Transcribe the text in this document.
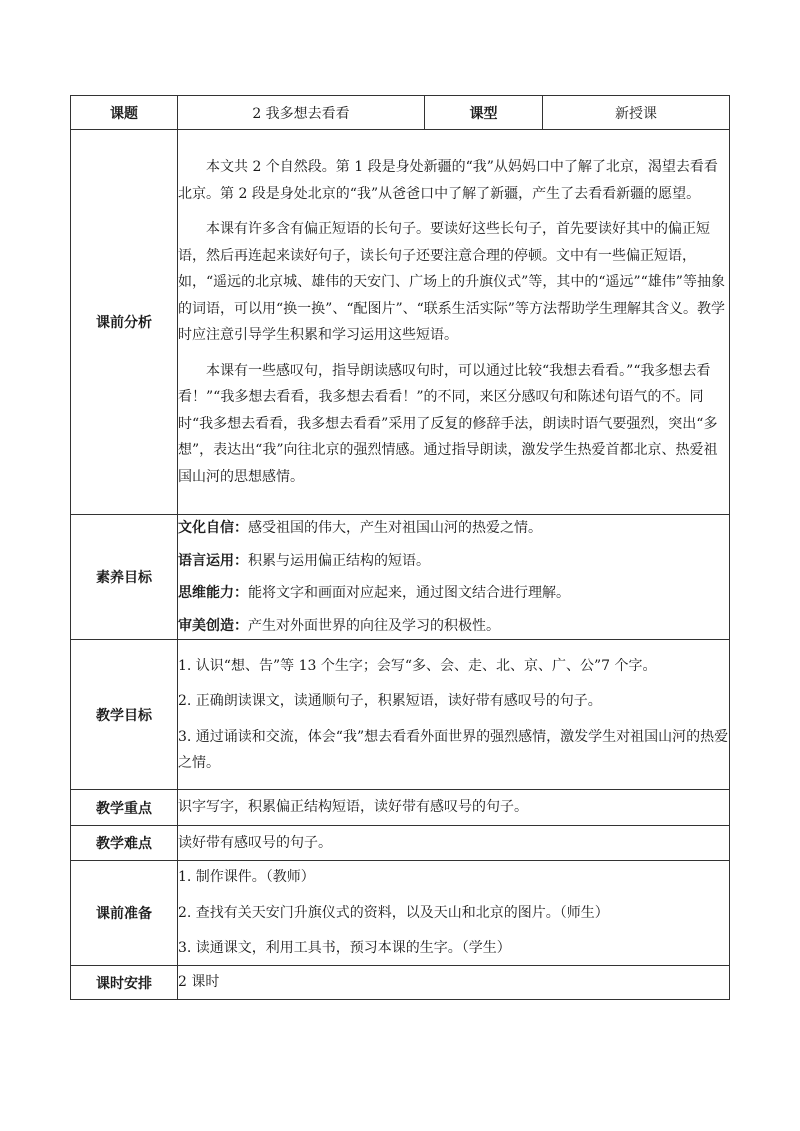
课题	2 我多想去看看	课型	新授课
课前分析	本文共 2 个自然段。第 1 段是身处新疆的“我”从妈妈口中了解了北京，渴望去看看北京。第 2 段是身处北京的“我”从爸爸口中了解了新疆，产生了去看看新疆的愿望。

本课有许多含有偏正短语的长句子。要读好这些长句子，首先要读好其中的偏正短语，然后再连起来读好句子，读长句子还要注意合理的停顿。文中有一些偏正短语，如，“遥远的北京城、雄伟的天安门、广场上的升旗仪式”等，其中的“遥远”“雄伟”等抽象的词语，可以用“换一换”、“配图片”、“联系生活实际”等方法帮助学生理解其含义。教学时应注意引导学生积累和学习运用这些短语。

本课有一些感叹句，指导朗读感叹句时，可以通过比较“我想去看看。”“我多想去看看！”“我多想去看看，我多想去看看！”的不同，来区分感叹句和陈述句语气的不。同时“我多想去看看，我多想去看看”采用了反复的修辞手法，朗读时语气要强烈，突出“多想”，表达出“我”向往北京的强烈情感。通过指导朗读，激发学生热爱首都北京、热爱祖国山河的思想感情。		

素养目标	文化自信：感受祖国的伟大，产生对祖国山河的热爱之情。

语言运用：积累与运用偏正结构的短语。

思维能力：能将文字和画面对应起来，通过图文结合进行理解。

审美创造：产生对外面世界的向往及学习的积极性。		

教学目标	1. 认识“想、告”等 13 个生字；会写“多、会、走、北、京、广、公”7 个字。

2. 正确朗读课文，读通顺句子，积累短语，读好带有感叹号的句子。

3. 通过诵读和交流，体会“我”想去看看外面世界的强烈感情，激发学生对祖国山河的热爱之情。		

教学重点	识字写字，积累偏正结构短语，读好带有感叹号的句子。		
教学难点	读好带有感叹号的句子。		
课前准备	1. 制作课件。（教师）

2. 查找有关天安门升旗仪式的资料，以及天山和北京的图片。（师生）

3. 读通课文，利用工具书，预习本课的生字。（学生）		

课时安排	2 课时		
